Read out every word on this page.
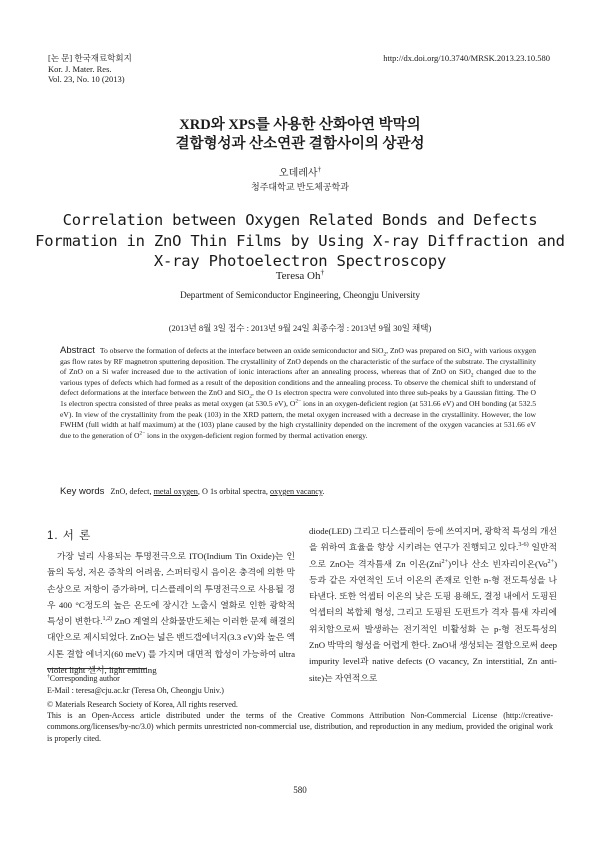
[논 문] 한국재료학회지
Kor. J. Mater. Res.
Vol. 23, No. 10 (2013)
http://dx.doi.org/10.3740/MRSK.2013.23.10.580
XRD와 XPS를 사용한 산화아연 박막의
결합형성과 산소연관 결함사이의 상관성
오데레사†
청주대학교 반도체공학과
Correlation between Oxygen Related Bonds and Defects Formation in ZnO Thin Films by Using X-ray Diffraction and X-ray Photoelectron Spectroscopy
Teresa Oh†
Department of Semiconductor Engineering, Cheongju University
(2013년 8월 3일 접수 : 2013년 9월 24일 최종수정 : 2013년 9월 30일 채택)
Abstract To observe the formation of defects at the interface between an oxide semiconductor and SiO$_2$, ZnO was prepared on SiO$_2$ with various oxygen gas flow rates by RF magnetron sputtering deposition. The crystallinity of ZnO depends on the characteristic of the surface of the substrate. The crystallinity of ZnO on a Si wafer increased due to the activation of ionic interactions after an annealing process, whereas that of ZnO on SiO$_2$ changed due to the various types of defects which had formed as a result of the deposition conditions and the annealing process. To observe the chemical shift to understand of defect deformations at the interface between the ZnO and SiO$_2$, the O 1s electron spectra were convoluted into three sub-peaks by a Gaussian fitting. The O 1s electron spectra consisted of three peaks as metal oxygen (at 530.5 eV), $O^{2-}$ ions in an oxygen-deficient region (at 531.66 eV) and OH bonding (at 532.5 eV). In view of the crystallinity from the peak (103) in the XRD pattern, the metal oxygen increased with a decrease in the crystallinity. However, the low FWHM (full width at half maximum) at the (103) plane caused by the high crystallinity depended on the increment of the oxygen vacancies at 531.66 eV due to the generation of $O^{2-}$ ions in the oxygen-deficient region formed by thermal activation energy.
Key words ZnO, defect, metal oxygen, O 1s orbital spectra, oxygen vacancy.
1. 서 론
가장 널리 사용되는 투명전극으로 ITO(Indium Tin Oxide)는 인듐의 독성, 저온 증착의 어려움, 스퍼터링시 음이온 충격에 의한 막 손상으로 저항이 증가하며, 디스플레이의 투명전극으로 사용될 경우 400 °C정도의 높은 온도에 장시간 노출시 열화로 인한 광학적 특성이 변한다.$^{1,2)}$ ZnO 계열의 산화물반도체는 이러한 문제 해결의 대안으로 제시되었다. ZnO는 넓은 밴드갭에너지(3.3 eV)와 높은 엑시톤 결합 에너지(60 meV) 를 가지며 대면적 합성이 가능하여 ultra violet light 센서, light emitting
diode(LED) 그리고 디스플레이 등에 쓰여지며, 광학적 특성의 개선을 위하여 효율을 향상 시키려는 연구가 진행되고 있다.$^{3-6)}$ 일반적으로 ZnO는 격자틈새 Zn 이온(Zni$^{2+}$)이나 산소 빈자리이온$(Vo^{2+})$ 등과 같은 자연적인 도너 이온의 존재로 인한 n-형 전도특성을 나타낸다. 또한 억셉터 이온의 낮은 도핑 용해도, 결정 내에서 도핑된 억셉터의 복합체 형성, 그리고 도핑된 도펀트가 격자 틈새 자리에 위치함으로써 발생하는 전기적인 비활성화 는 p-형 전도특성의 ZnO 박막의 형성을 어렵게 한다. ZnO내 생성되는 결함으로써 deep impurity level과 native defects (O vacancy, Zn interstitial, Zn anti-site)는 자연적으로
†Corresponding author
E-Mail : teresa@cju.ac.kr (Teresa Oh, Cheongju Univ.)
© Materials Research Society of Korea, All rights reserved.
This is an Open-Access article distributed under the terms of the Creative Commons Attribution Non-Commercial License (http://creative-commons.org/licenses/by-nc/3.0) which permits unrestricted non-commercial use, distribution, and reproduction in any medium, provided the original work is properly cited.
580
